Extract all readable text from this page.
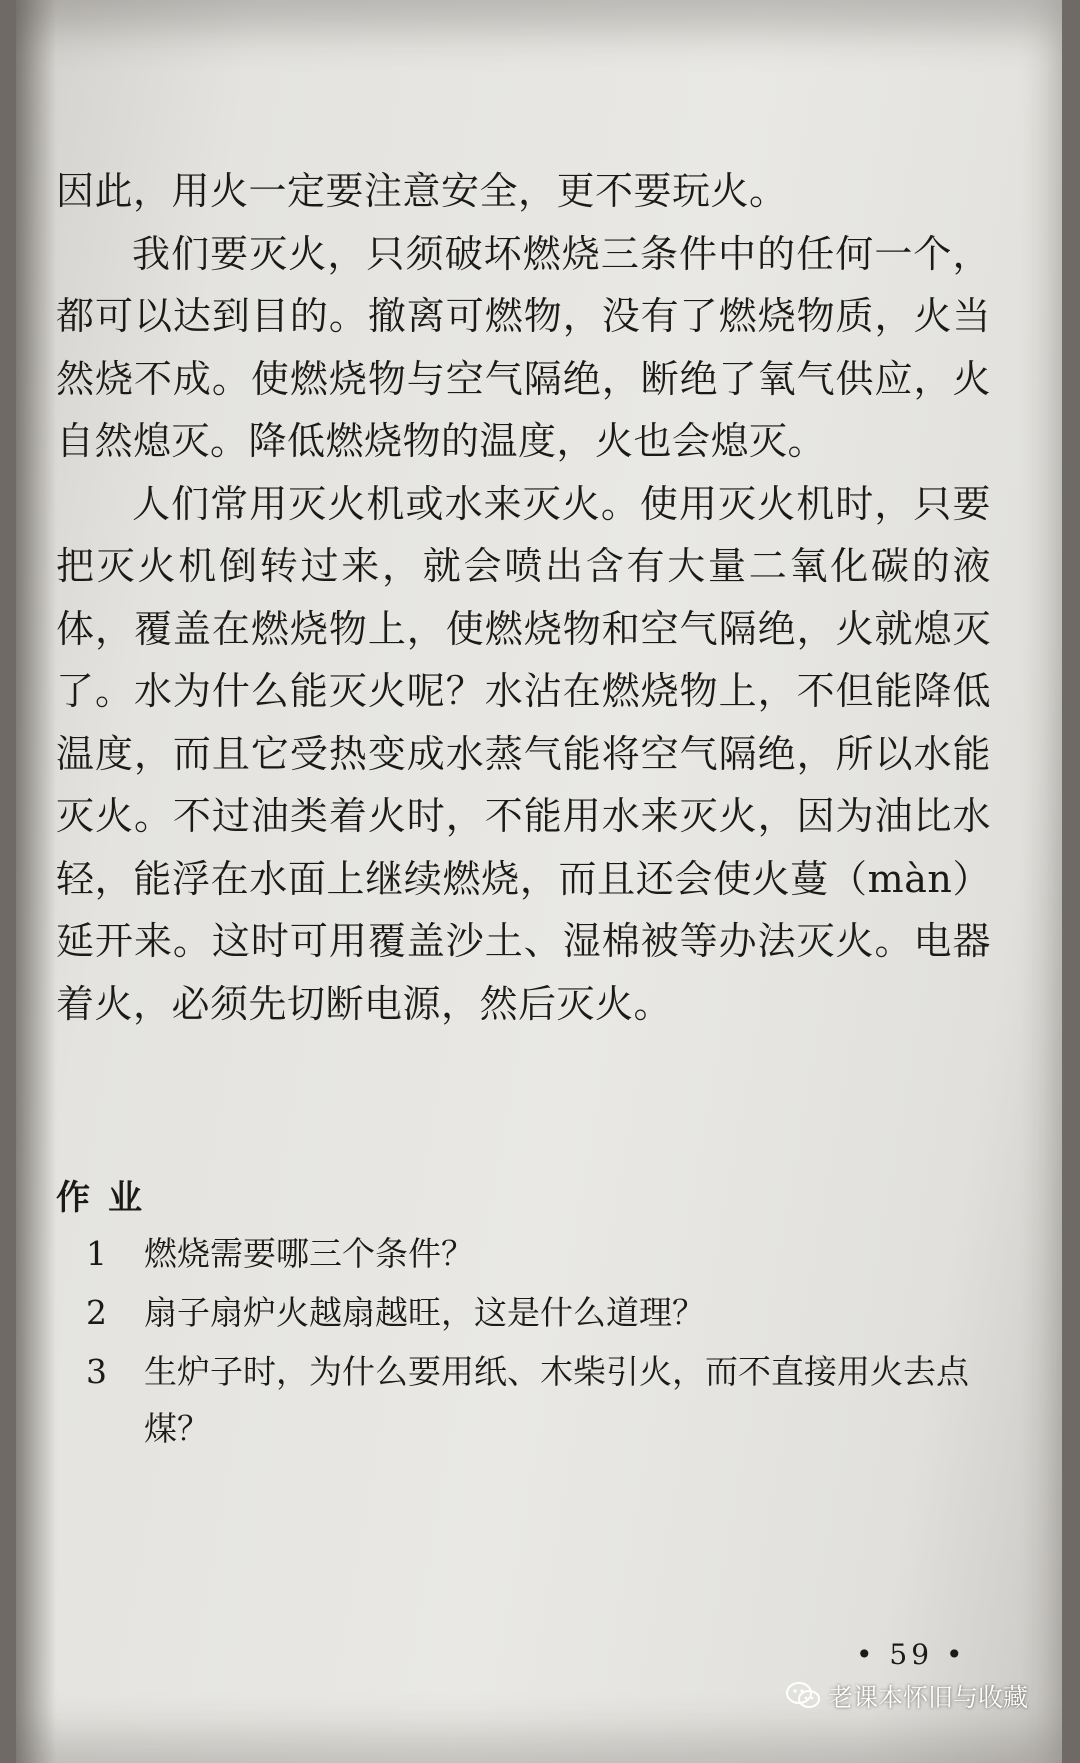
因此，用火一定要注意安全，更不要玩火。

我们要灭火，只须破坏燃烧三条件中的任何一个，都可以达到目的。撤离可燃物，没有了燃烧物质，火当然烧不成。使燃烧物与空气隔绝，断绝了氧气供应，火自然熄灭。降低燃烧物的温度，火也会熄灭。

人们常用灭火机或水来灭火。使用灭火机时，只要把灭火机倒转过来，就会喷出含有大量二氧化碳的液体，覆盖在燃烧物上，使燃烧物和空气隔绝，火就熄灭了。水为什么能灭火呢？水沾在燃烧物上，不但能降低温度，而且它受热变成水蒸气能将空气隔绝，所以水能灭火。不过油类着火时，不能用水来灭火，因为油比水轻，能浮在水面上继续燃烧，而且还会使火蔓（màn）延开来。这时可用覆盖沙土、湿棉被等办法灭火。电器着火，必须先切断电源，然后灭火。

作业
1	燃烧需要哪三个条件？
2	扇子扇炉火越扇越旺，这是什么道理？
3	生炉子时，为什么要用纸、木柴引火，而不直接用火去点煤？
• 59 •
老课本怀旧与收藏
